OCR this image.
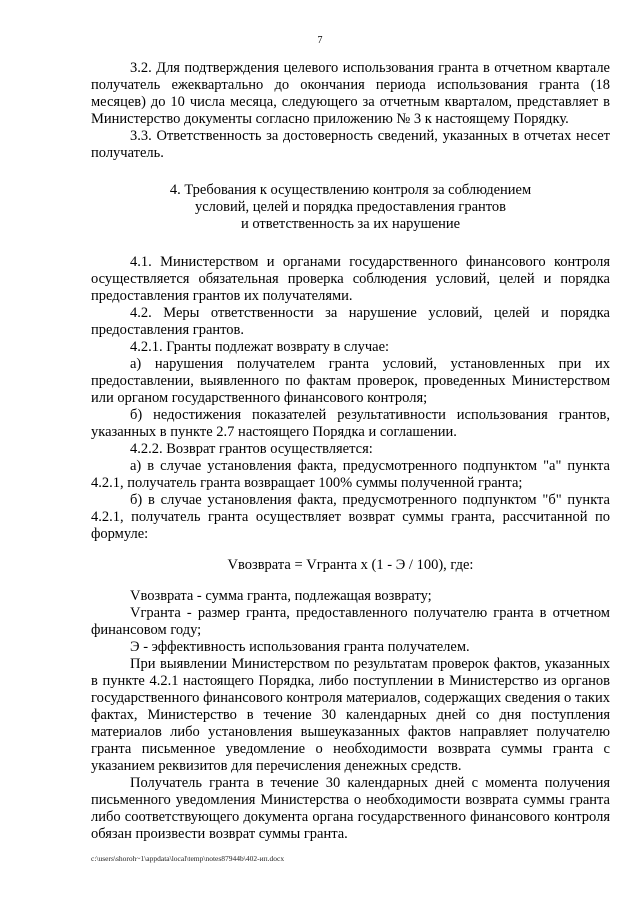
7

3.2. Для подтверждения целевого использования гранта в отчетном квартале получатель ежеквартально до окончания периода использования гранта (18 месяцев) до 10 числа месяца, следующего за отчетным кварталом, представляет в Министерство документы согласно приложению № 3 к настоящему Порядку.

3.3. Ответственность за достоверность сведений, указанных в отчетах несет получатель.

4. Требования к осуществлению контроля за соблюдением
условий, целей и порядка предоставления грантов
и ответственность за их нарушение

4.1. Министерством и органами государственного финансового контроля осуществляется обязательная проверка соблюдения условий, целей и порядка предоставления грантов их получателями.

4.2. Меры ответственности за нарушение условий, целей и порядка предоставления грантов.

4.2.1. Гранты подлежат возврату в случае:

а) нарушения получателем гранта условий, установленных при их предоставлении, выявленного по фактам проверок, проведенных Министерством или органом государственного финансового контроля;

б) недостижения показателей результативности использования грантов, указанных в пункте 2.7 настоящего Порядка и соглашении.

4.2.2. Возврат грантов осуществляется:

а) в случае установления факта, предусмотренного подпунктом "а" пункта 4.2.1, получатель гранта возвращает 100% суммы полученной гранта;

б) в случае установления факта, предусмотренного подпунктом "б" пункта 4.2.1, получатель гранта осуществляет возврат суммы гранта, рассчитанной по формуле:

Vвозврата = Vгранта x (1 - Э / 100), где:

Vвозврата - сумма гранта, подлежащая возврату;

Vгранта - размер гранта, предоставленного получателю гранта в отчетном финансовом году;

Э - эффективность использования гранта получателем.

При выявлении Министерством по результатам проверок фактов, указанных в пункте 4.2.1 настоящего Порядка, либо поступлении в Министерство из органов государственного финансового контроля материалов, содержащих сведения о таких фактах, Министерство в течение 30 календарных дней со дня поступления материалов либо установления вышеуказанных фактов направляет получателю гранта письменное уведомление о необходимости возврата суммы гранта с указанием реквизитов для перечисления денежных средств.

Получатель гранта в течение 30 календарных дней с момента получения письменного уведомления Министерства о необходимости возврата суммы гранта либо соответствующего документа органа государственного финансового контроля обязан произвести возврат суммы гранта.

c:\users\shoroh~1\appdata\local\temp\notes87944b\402-ип.docx
